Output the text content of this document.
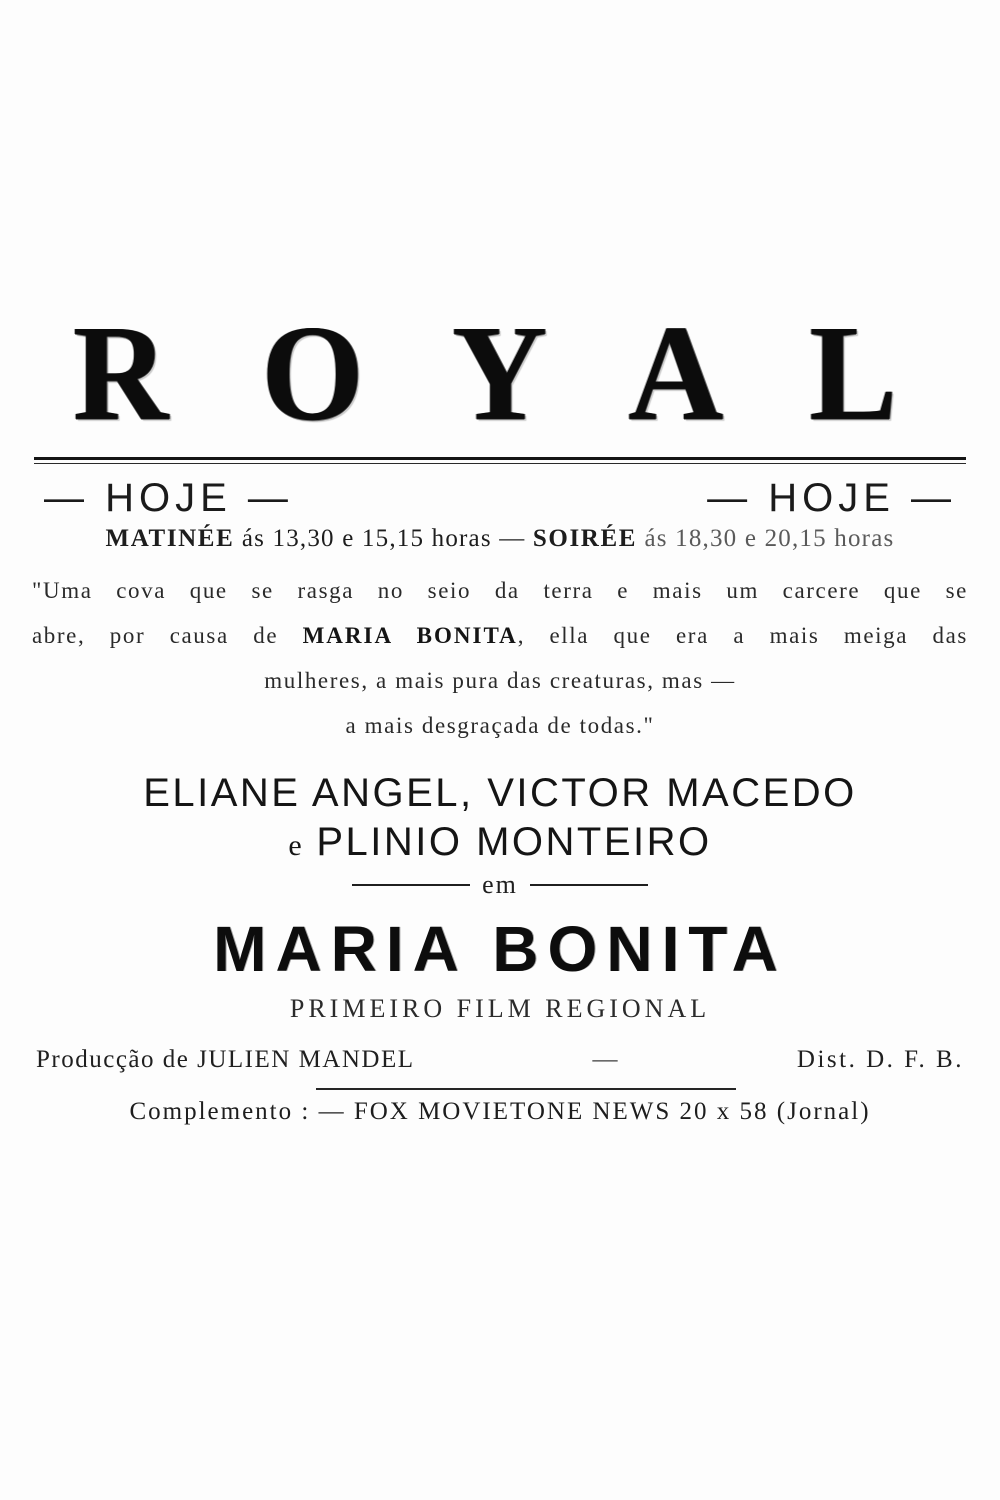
R O Y A L
— HOJE —	— HOJE —
MATINÉE ás 13,30 e 15,15 horas — SOIRÉE ás 18,30 e 20,15 horas
"Uma cova que se rasga no seio da terra e mais um carcere que se
abre, por causa de MARIA BONITA, ella que era a mais meiga das
mulheres, a mais pura das creaturas, mas —
a mais desgraçada de todas."
ELIANE ANGEL, VICTOR MACEDO
e PLINIO MONTEIRO
em
MARIA BONITA
PRIMEIRO FILM REGIONAL
Producção de JULIEN MANDEL	—	Dist. D. F. B.
Complemento : — FOX MOVIETONE NEWS 20 x 58 (Jornal)
